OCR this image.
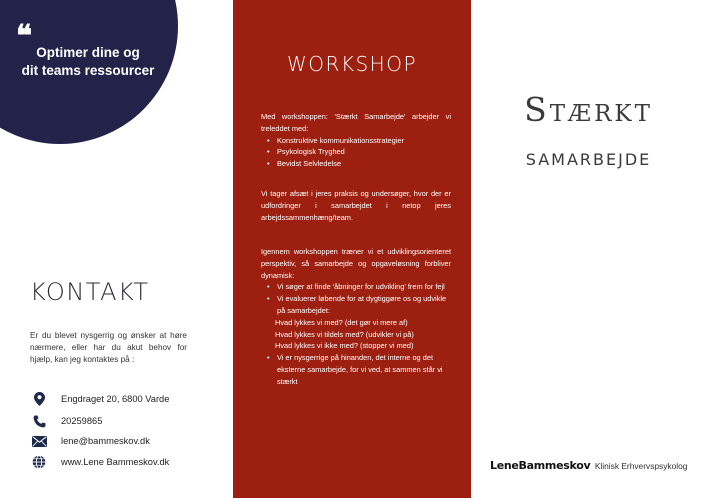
❝ Optimer dine og
dit teams ressourcer
KONTAKT
Er du blevet nysgerrig og ønsker at høre nærmere, eller har du akut behov for hjælp, kan jeg kontaktes på :
Engdraget 20, 6800 Varde
20259865
lene@bammeskov.dk
www.Lene Bammeskov.dk
WORKSHOP
Med workshoppen: 'Stærkt Samarbejde' arbejder vi treleddet med:
• Konstruktive kommunikationsstrategier
• Psykologisk Tryghed
• Bevidst Selvledelse
Vi tager afsæt i jeres praksis og undersøger, hvor der er udfordringer i samarbejdet i netop jeres arbejdssammenhæng/team.
Igennem workshoppen træner vi et udviklingsorienteret perspektiv, så samarbejde og opgaveløsning forbliver dynamisk:
• Vi søger at finde 'åbninger for udvikling' frem for fejl
• Vi evaluerer løbende for at dygtiggøre os og udvikle på samarbejdet:
Hvad lykkes vi med? (det gør vi mere af)
Hvad lykkes vi tildels med? (udvikler vi på)
Hvad lykkes vi ikke med? (stopper vi med)
• Vi er nysgerrige på hinanden, det interne og det eksterne samarbejde, for vi ved, at sammen står vi stærkt
Stærkt
SAMARBEJDE
LeneBammeskov Klinisk Erhvervspsykolog
